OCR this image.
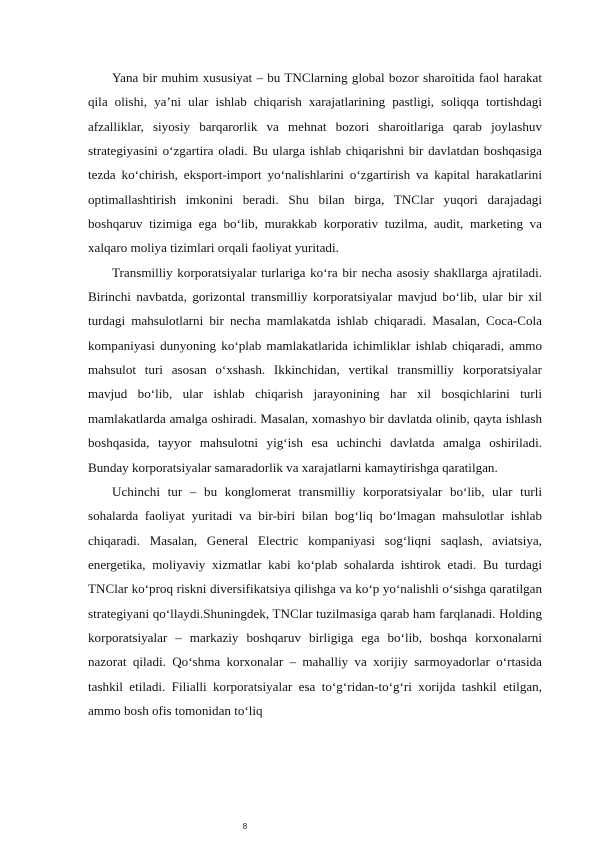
Yana bir muhim xususiyat – bu TNClarning global bozor sharoitida faol harakat qila olishi, ya’ni ular ishlab chiqarish xarajatlarining pastligi, soliqqa tortishdagi afzalliklar, siyosiy barqarorlik va mehnat bozori sharoitlariga qarab joylashuv strategiyasini o‘zgartira oladi. Bu ularga ishlab chiqarishni bir davlatdan boshqasiga tezda ko‘chirish, eksport-import yo‘nalishlarini o‘zgartirish va kapital harakatlarini optimallashtirish imkonini beradi. Shu bilan birga, TNClar yuqori darajadagi boshqaruv tizimiga ega bo‘lib, murakkab korporativ tuzilma, audit, marketing va xalqaro moliya tizimlari orqali faoliyat yuritadi.

Transmilliy korporatsiyalar turlariga ko‘ra bir necha asosiy shakllarga ajratiladi. Birinchi navbatda, gorizontal transmilliy korporatsiyalar mavjud bo‘lib, ular bir xil turdagi mahsulotlarni bir necha mamlakatda ishlab chiqaradi. Masalan, Coca-Cola kompaniyasi dunyoning ko‘plab mamlakatlarida ichimliklar ishlab chiqaradi, ammo mahsulot turi asosan o‘xshash. Ikkinchidan, vertikal transmilliy korporatsiyalar mavjud bo‘lib, ular ishlab chiqarish jarayonining har xil bosqichlarini turli mamlakatlarda amalga oshiradi. Masalan, xomashyo bir davlatda olinib, qayta ishlash boshqasida, tayyor mahsulotni yig‘ish esa uchinchi davlatda amalga oshiriladi. Bunday korporatsiyalar samaradorlik va xarajatlarni kamaytirishga qaratilgan.

Uchinchi tur – bu konglomerat transmilliy korporatsiyalar bo‘lib, ular turli sohalarda faoliyat yuritadi va bir-biri bilan bog‘liq bo‘lmagan mahsulotlar ishlab chiqaradi. Masalan, General Electric kompaniyasi sog‘liqni saqlash, aviatsiya, energetika, moliyaviy xizmatlar kabi ko‘plab sohalarda ishtirok etadi. Bu turdagi TNClar ko‘proq riskni diversifikatsiya qilishga va ko‘p yo‘nalishli o‘sishga qaratilgan strategiyani qo‘llaydi.Shuningdek, TNClar tuzilmasiga qarab ham farqlanadi. Holding korporatsiyalar – markaziy boshqaruv birligiga ega bo‘lib, boshqa korxonalarni nazorat qiladi. Qo‘shma korxonalar – mahalliy va xorijiy sarmoyadorlar o‘rtasida tashkil etiladi. Filialli korporatsiyalar esa to‘g‘ridan-to‘g‘ri xorijda tashkil etilgan, ammo bosh ofis tomonidan to‘liq

8
